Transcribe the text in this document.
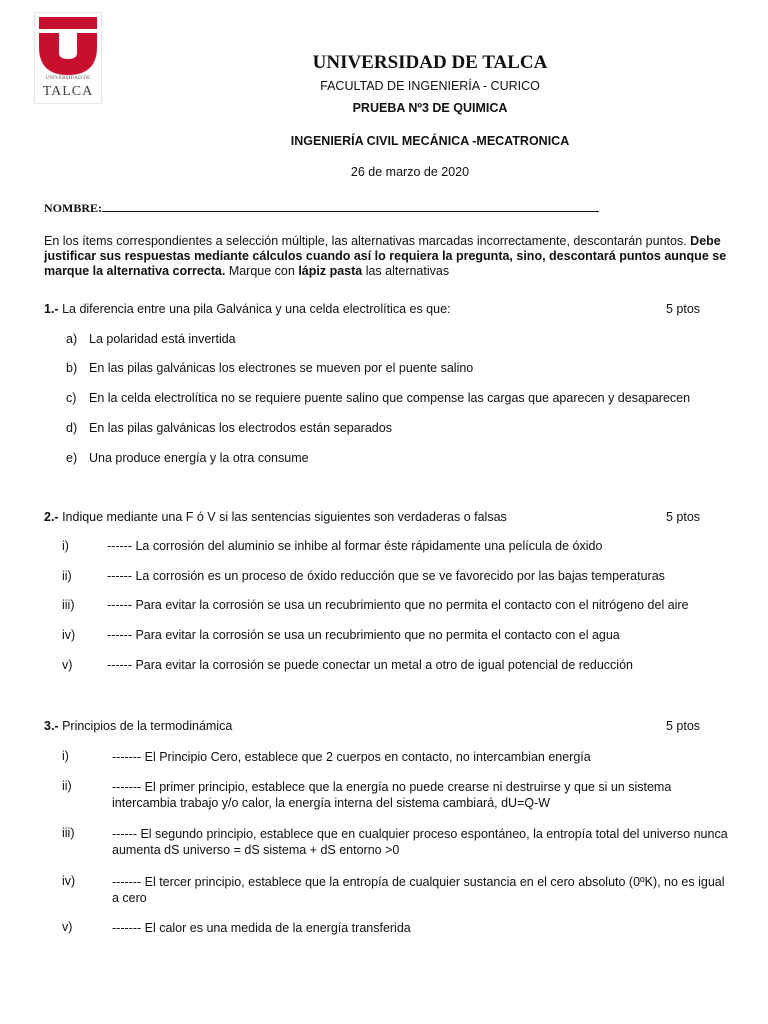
UNIVERSIDAD DE
TALCA
UNIVERSIDAD DE TALCA
FACULTAD DE INGENIERÍA - CURICO
PRUEBA Nº3 DE QUIMICA
INGENIERÍA CIVIL MECÁNICA -MECATRONICA
26 de marzo de 2020
NOMBRE:
En los ítems correspondientes a selección múltiple, las alternativas marcadas incorrectamente, descontarán puntos. Debe justificar sus respuestas mediante cálculos cuando así lo requiera la pregunta, sino, descontará puntos aunque se marque la alternativa correcta. Marque con lápiz pasta las alternativas
1.- La diferencia entre una pila Galvánica y una celda electrolítica es que:	5 ptos
a) La polaridad está invertida
b) En las pilas galvánicas los electrones se mueven por el puente salino
c) En la celda electrolítica no se requiere puente salino que compense las cargas que aparecen y desaparecen
d) En las pilas galvánicas los electrodos están separados
e) Una produce energía y la otra consume
2.- Indique mediante una F ó V si las sentencias siguientes son verdaderas o falsas	5 ptos
i)	------ La corrosión del aluminio se inhibe al formar éste rápidamente una película de óxido
ii)	------ La corrosión es un proceso de óxido reducción que se ve favorecido por las bajas temperaturas
iii)	------ Para evitar la corrosión se usa un recubrimiento que no permita el contacto con el nitrógeno del aire
iv)	------ Para evitar la corrosión se usa un recubrimiento que no permita el contacto con el agua
v)	------ Para evitar la corrosión se puede conectar un metal a otro de igual potencial de reducción
3.- Principios de la termodinámica	5 ptos
i)	------- El Principio Cero, establece que 2 cuerpos en contacto, no intercambian energía
ii)	------- El primer principio, establece que la energía no puede crearse ni destruirse y que si un sistema intercambia trabajo y/o calor, la energía interna del sistema cambiará, dU=Q-W
iii)	------ El segundo principio, establece que en cualquier proceso espontáneo, la entropía total del universo nunca aumenta dS universo = dS sistema + dS entorno >0
iv)	------- El tercer principio, establece que la entropía de cualquier sustancia en el cero absoluto (0ºK), no es igual a cero
v)	------- El calor es una medida de la energía transferida
